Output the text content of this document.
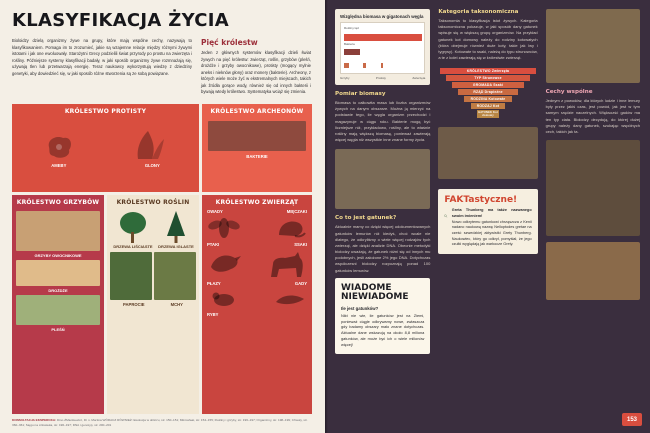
KLASYFIKACJA ŻYCIA

Bioloidzy dzielą organizmy żywe na grupy, które mają wspólne cechy, nazywają to klasyfikowaniem. Pomaga im to zrozumieć, jakie są wzajemne relacje między różnymi żywymi istotami i jak one ewoluowały. Starożytni Grecy podzielili świat przyrody po prostu na zwierzęta i rośliny. Późniejsze systemy klasyfikacji badały, w jaki sposób organizmy żywe rozmnażają się, używają tlen lub przetwarzają energię. Teraz naukowcy wykorzystują wiedzę z dziedziny genetyki, aby dowiedzieć się, w jaki sposób różne stworzenia są ze sobą powiązane.

Pięć królestw

Jeden z głównych systemów klasyfikacji dzieli świat żywych na pięć królestw: zwierząt, roślin, grzybów (pleśń, drożdże i grzyby owocnikowe), protisty (mogący mylnie aneks i nieknów głony) oraz monery (bakterie). Archeony, z których wiele może żyć w ekstremalnych miejscach, takich jak źródła gorące wody, również się od innych bakterii i bywają wtedy królestwo. Systematyka wciąż się zmienia.

KRÓLESTWO PROTISTY
AMEBY	GLONY
KRÓLESTWO ARCHEONÓW
BAKTERIE
KRÓLESTWO GRZYBÓW
GRZYBY OWOCNIKOWE
DROŻDŻE
PLEŚŃ
KRÓLESTWO ROŚLIN
DRZEWA LIŚCIASTE	DRZEWA IGLASTE
PAPROCIE	MCHY
KRÓLESTWO ZWIERZĄT
OWADY	MIĘCZAKI
PTAKI	SSAKI
PŁAZY	GADY
RYBY
KONSULTACJA EKSPERCKA: Dino ŻMierkiewicz, Dr n. Martina WÓRACZ RÓWNIEŻ: Ewolucja w obliczu, str. 150–151; Mikrosfaat, str. 154–155; Rośliny i grzyby, str. 196–197; Organizmy, str. 198–199; Chwoły, str. 360–361; Sięgu na człowieka, str. 196–197; DNA i genotyp, str. 200–201
Wizględna biomasa w gigatonach węgla
Rośliny ląd
Bakterie
Grzyby	Protisty	Zwierzęta
Pomiar biomasy
Biomasa to całkowita masa lub liczba organizmów żywych na danym obszarze. Można ją mierzyć na podstawie tego, ile węgla organizm przechodzi i magazynuje w ciągu roku. Bakterie mogą być liczniejsze niż, przykładowo, rośliny, ale to właśnie rośliny mają większą biomasę, ponieważ zawierają więcej węgla niż wszystkie inne znane formy życia.
Co to jest gatunek?
Aktualnie mamy co dzięki więcej udokumentowanych gatunków lemurów niż kiedyś, choć wcale nie dlatego, że odkryliśmy o wiele więcej rodzajów tych zwierząt, ale dzięki analizie DNA. Obecnie metodyki biolodzy uważają, że gatunek różni się od innych mu podobnych, jeśli założone 2% jego DNA. Dotychczas współczesni biolodzy rozpoznają ponad 100 gatunków lemurów.
WIADOME NIEWIADOME
Ile jest gatunków?

Nikt nie wie, ile gatunków jest na Ziemi, ponieważ ciągle odkrywamy nowe, zwłaszcza gdy badamy obszary mało znane dotychczas. Aktualne dane wskazują na około 8,8 miliona gatunków, ale może być ich o wiele milionów więcej!

Kategoria taksonomiczna
Taksonomia to klasyfikacja istot żywych. Kategoria taksonomiczna pokazuje, w jaki sposób dany gatunek wpisuje się w większą grupę organizmów. Na przykład gatunek kot domowy należy do rodziny kotowatych (która obejmuje również duże koty, takie jak lwy i tygrysy). Kotowate to ssaki, należą do typu strunowców, a te z kolei zawierają się w królestwie zwierząt.
KRÓLESTWO Zwierzęta
TYP Strunowce
GROMADA Ssaki
RZĄD Drapieżne
RODZINA Kotowate
RODZAJ Kot
GATUNEK Kot domowy
FAKTastyczne!

Greta Thunberg ma także nazwanego swoim imieniem!

Nowo odkrytemu gatunkowi chrząszcza z Kenii nadano naukową nazwę Nelloptodes gretae na cześć szwedzkiej aktywistki Grety Thunberg. Naukowiec, który go odkrył, pomyślał, że jego czułki wyglądają jak warkocze Grety.

Cechy wspólne
Jednym z powodów, dla których ludzie i inne lemury były przez jakiś czas, jest powód, jak jest w tym samym rzędzie naczelnych. Więksozść gadów ma ten typ ciała. Biolodzy decydują, do której dużej grupy należy dany gatunek, szukając wspólnych cech, takich jak ta.
153
